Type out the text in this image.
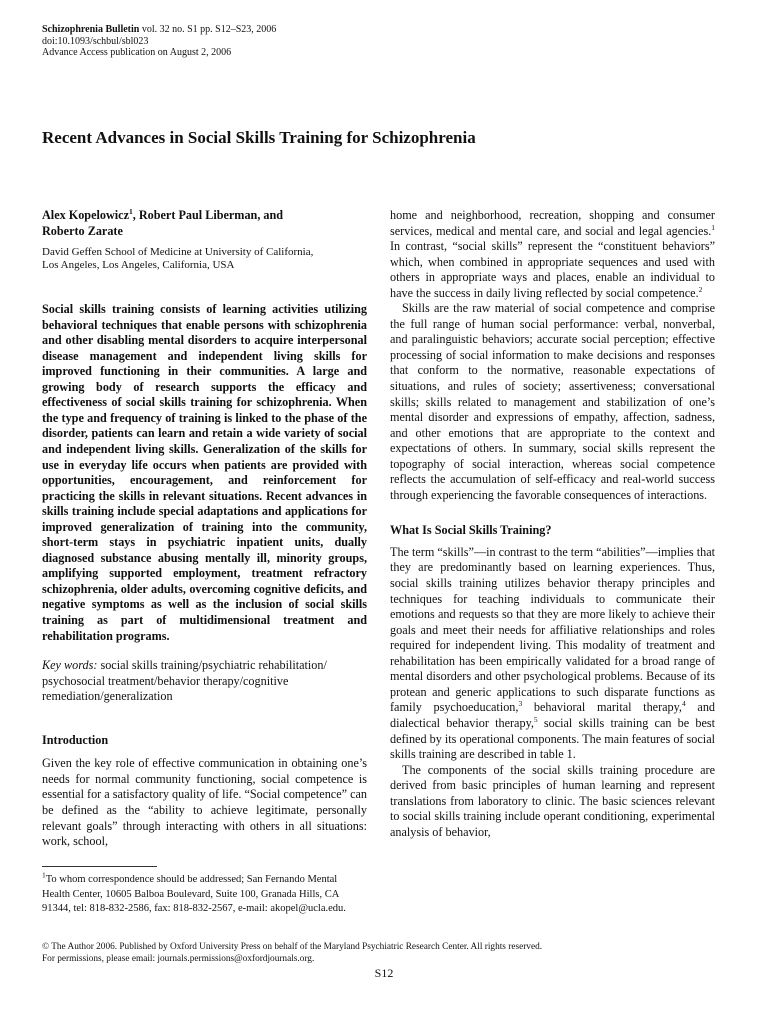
Schizophrenia Bulletin vol. 32 no. S1 pp. S12–S23, 2006
doi:10.1093/schbul/sbl023
Advance Access publication on August 2, 2006
Recent Advances in Social Skills Training for Schizophrenia
Alex Kopelowicz$^1$, Robert Paul Liberman, and
Roberto Zarate
David Geffen School of Medicine at University of California,
Los Angeles, Los Angeles, California, USA

Social skills training consists of learning activities utilizing behavioral techniques that enable persons with schizophrenia and other disabling mental disorders to acquire interpersonal disease management and independent living skills for improved functioning in their communities. A large and growing body of research supports the efficacy and effectiveness of social skills training for schizophrenia. When the type and frequency of training is linked to the phase of the disorder, patients can learn and retain a wide variety of social and independent living skills. Generalization of the skills for use in everyday life occurs when patients are provided with opportunities, encouragement, and reinforcement for practicing the skills in relevant situations. Recent advances in skills training include special adaptations and applications for improved generalization of training into the community, short-term stays in psychiatric inpatient units, dually diagnosed substance abusing mentally ill, minority groups, amplifying supported employment, treatment refractory schizophrenia, older adults, overcoming cognitive deficits, and negative symptoms as well as the inclusion of social skills training as part of multidimensional treatment and rehabilitation programs.

Key words: social skills training/psychiatric rehabilitation/ psychosocial treatment/behavior therapy/cognitive remediation/generalization

Introduction

Given the key role of effective communication in obtaining one’s needs for normal community functioning, social competence is essential for a satisfactory quality of life. “Social competence” can be defined as the “ability to achieve legitimate, personally relevant goals” through interacting with others in all situations: work, school,

$^1$To whom correspondence should be addressed; San Fernando Mental Health Center, 10605 Balboa Boulevard, Suite 100, Granada Hills, CA 91344, tel: 818-832-2586, fax: 818-832-2567, e-mail: akopel@ucla.edu.

home and neighborhood, recreation, shopping and consumer services, medical and mental care, and social and legal agencies.$^1$ In contrast, “social skills” represent the “constituent behaviors” which, when combined in appropriate sequences and used with others in appropriate ways and places, enable an individual to have the success in daily living reflected by social competence.$^2$

Skills are the raw material of social competence and comprise the full range of human social performance: verbal, nonverbal, and paralinguistic behaviors; accurate social perception; effective processing of social information to make decisions and responses that conform to the normative, reasonable expectations of situations, and rules of society; assertiveness; conversational skills; skills related to management and stabilization of one’s mental disorder and expressions of empathy, affection, sadness, and other emotions that are appropriate to the context and expectations of others. In summary, social skills represent the topography of social interaction, whereas social competence reflects the accumulation of self-efficacy and real-world success through experiencing the favorable consequences of interactions.

What Is Social Skills Training?

The term “skills”—in contrast to the term “abilities”—implies that they are predominantly based on learning experiences. Thus, social skills training utilizes behavior therapy principles and techniques for teaching individuals to communicate their emotions and requests so that they are more likely to achieve their goals and meet their needs for affiliative relationships and roles required for independent living. This modality of treatment and rehabilitation has been empirically validated for a broad range of mental disorders and other psychological problems. Because of its protean and generic applications to such disparate functions as family psychoeducation,$^3$ behavioral marital therapy,$^4$ and dialectical behavior therapy,$^5$ social skills training can be best defined by its operational components. The main features of social skills training are described in table 1.

The components of the social skills training procedure are derived from basic principles of human learning and represent translations from laboratory to clinic. The basic sciences relevant to social skills training include operant conditioning, experimental analysis of behavior,

© The Author 2006. Published by Oxford University Press on behalf of the Maryland Psychiatric Research Center. All rights reserved.
For permissions, please email: journals.permissions@oxfordjournals.org.
S12
